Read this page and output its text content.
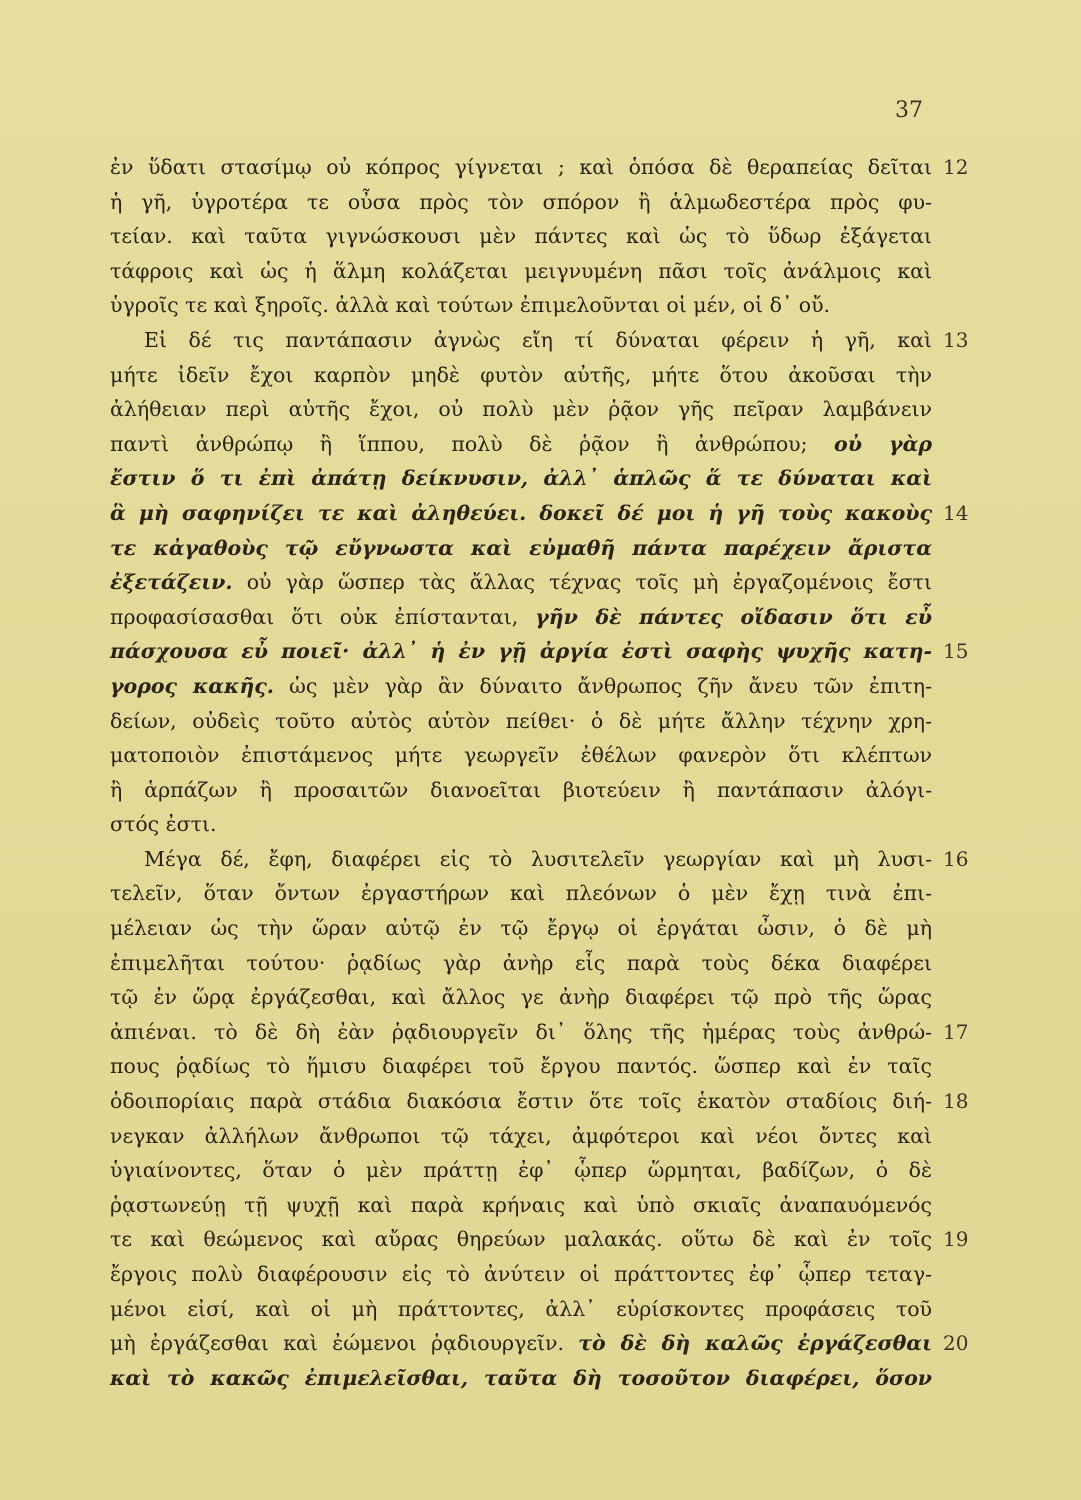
37
ἐν ὕδατι στασίμῳ οὐ κόπρος γίγνεται ; καὶ ὁπόσα δὲ θεραπείας δεῖται 12
ἡ γῆ, ὑγροτέρα τε οὖσα πρὸς τὸν σπόρον ἢ ἁλμωδεστέρα πρὸς φυ-
τείαν. καὶ ταῦτα γιγνώσκουσι μὲν πάντες καὶ ὡς τὸ ὕδωρ ἐξάγεται
τάφροις καὶ ὡς ἡ ἅλμη κολάζεται μειγνυμένη πᾶσι τοῖς ἀνάλμοις καὶ
ὑγροῖς τε καὶ ξηροῖς. ἀλλὰ καὶ τούτων ἐπιμελοῦνται οἱ μέν, οἱ δ᾽ οὔ.
Εἰ δέ τις παντάπασιν ἀγνὼς εἴη τί δύναται φέρειν ἡ γῆ, καὶ 13
μήτε ἰδεῖν ἔχοι καρπὸν μηδὲ φυτὸν αὐτῆς, μήτε ὅτου ἀκοῦσαι τὴν
ἀλήθειαν περὶ αὐτῆς ἔχοι, οὐ πολὺ μὲν ῥᾷον γῆς πεῖραν λαμβάνειν
παντὶ ἀνθρώπῳ ἢ ἵππου, πολὺ δὲ ῥᾷον ἢ ἀνθρώπου; οὐ γὰρ
ἔστιν ὅ τι ἐπὶ ἀπάτῃ δείκνυσιν, ἀλλ᾽ ἁπλῶς ἅ τε δύναται καὶ
ἃ μὴ σαφηνίζει τε καὶ ἀληθεύει. δοκεῖ δέ μοι ἡ γῆ τοὺς κακοὺς 14
τε κἀγαθοὺς τῷ εὔγνωστα καὶ εὐμαθῆ πάντα παρέχειν ἄριστα
ἐξετάζειν. οὐ γὰρ ὥσπερ τὰς ἄλλας τέχνας τοῖς μὴ ἐργαζομένοις ἔστι
προφασίσασθαι ὅτι οὐκ ἐπίστανται, γῆν δὲ πάντες οἴδασιν ὅτι εὖ
πάσχουσα εὖ ποιεῖ· ἀλλ᾽ ἡ ἐν γῇ ἀργία ἐστὶ σαφὴς ψυχῆς κατη- 15
γορος κακῆς. ὡς μὲν γὰρ ἂν δύναιτο ἄνθρωπος ζῆν ἄνευ τῶν ἐπιτη-
δείων, οὐδεὶς τοῦτο αὐτὸς αὑτὸν πείθει· ὁ δὲ μήτε ἄλλην τέχνην χρη-
ματοποιὸν ἐπιστάμενος μήτε γεωργεῖν ἐθέλων φανερὸν ὅτι κλέπτων
ἢ ἁρπάζων ἢ προσαιτῶν διανοεῖται βιοτεύειν ἢ παντάπασιν ἀλόγι-
στός ἐστι.
Μέγα δέ, ἔφη, διαφέρει εἰς τὸ λυσιτελεῖν γεωργίαν καὶ μὴ λυσι- 16
τελεῖν, ὅταν ὄντων ἐργαστήρων καὶ πλεόνων ὁ μὲν ἔχῃ τινὰ ἐπι-
μέλειαν ὡς τὴν ὥραν αὐτῷ ἐν τῷ ἔργῳ οἱ ἐργάται ὦσιν, ὁ δὲ μὴ
ἐπιμελῆται τούτου· ῥᾳδίως γὰρ ἀνὴρ εἷς παρὰ τοὺς δέκα διαφέρει
τῷ ἐν ὥρᾳ ἐργάζεσθαι, καὶ ἄλλος γε ἀνὴρ διαφέρει τῷ πρὸ τῆς ὥρας
ἀπιέναι. τὸ δὲ δὴ ἐὰν ῥᾳδιουργεῖν δι᾽ ὅλης τῆς ἡμέρας τοὺς ἀνθρώ- 17
πους ῥᾳδίως τὸ ἥμισυ διαφέρει τοῦ ἔργου παντός. ὥσπερ καὶ ἐν ταῖς
ὁδοιπορίαις παρὰ στάδια διακόσια ἔστιν ὅτε τοῖς ἑκατὸν σταδίοις διή- 18
νεγκαν ἀλλήλων ἄνθρωποι τῷ τάχει, ἀμφότεροι καὶ νέοι ὄντες καὶ
ὑγιαίνοντες, ὅταν ὁ μὲν πράττῃ ἐφ᾽ ᾧπερ ὥρμηται, βαδίζων, ὁ δὲ
ῥᾳστωνεύῃ τῇ ψυχῇ καὶ παρὰ κρήναις καὶ ὑπὸ σκιαῖς ἀναπαυόμενός
τε καὶ θεώμενος καὶ αὔρας θηρεύων μαλακάς. οὕτω δὲ καὶ ἐν τοῖς 19
ἔργοις πολὺ διαφέρουσιν εἰς τὸ ἀνύτειν οἱ πράττοντες ἐφ᾽ ᾧπερ τεταγ-
μένοι εἰσί, καὶ οἱ μὴ πράττοντες, ἀλλ᾽ εὑρίσκοντες προφάσεις τοῦ
μὴ ἐργάζεσθαι καὶ ἐώμενοι ῥᾳδιουργεῖν. τὸ δὲ δὴ καλῶς ἐργάζεσθαι 20
καὶ τὸ κακῶς ἐπιμελεῖσθαι, ταῦτα δὴ τοσοῦτον διαφέρει, ὅσον
